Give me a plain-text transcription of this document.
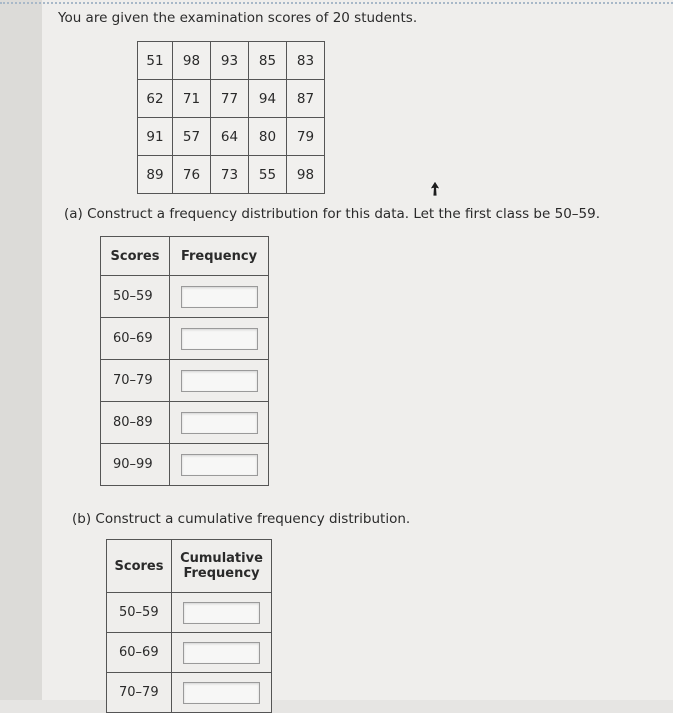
You are given the examination scores of 20 students.
51	98	93	85	83
62	71	77	94	87
91	57	64	80	79
89	76	73	55	98
(a) Construct a frequency distribution for this data. Let the first class be 50–59.
Scores	Frequency
50–59	
60–69	
70–79	
80–89	
90–99	
(b) Construct a cumulative frequency distribution.
Scores	Cumulative
Frequency
50–59	
60–69	
70–79	
